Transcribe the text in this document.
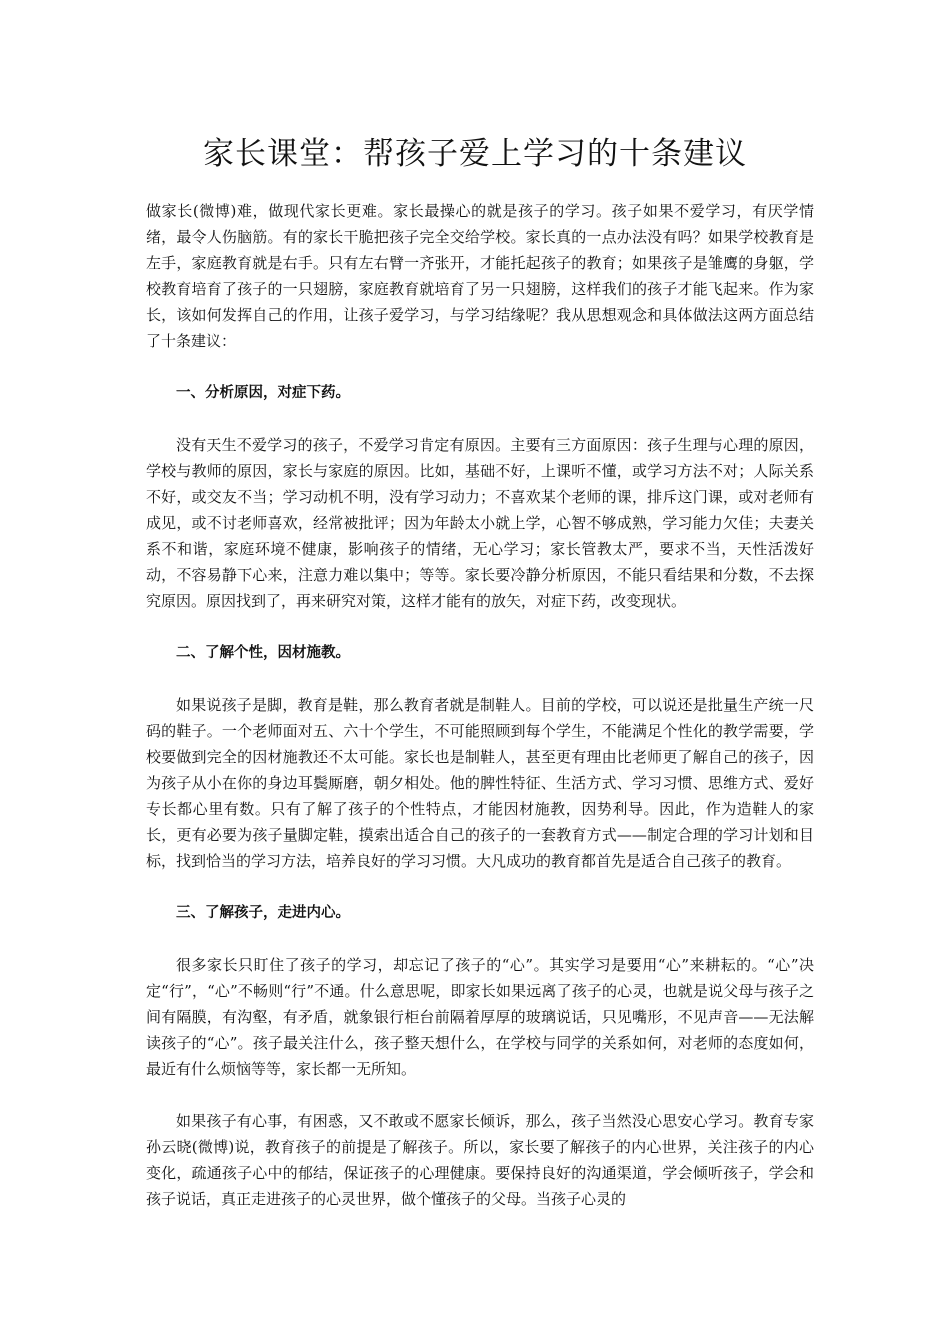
家长课堂：帮孩子爱上学习的十条建议

做家长(微博)难，做现代家长更难。家长最操心的就是孩子的学习。孩子如果不爱学习，有厌学情绪，最令人伤脑筋。有的家长干脆把孩子完全交给学校。家长真的一点办法没有吗？如果学校教育是左手，家庭教育就是右手。只有左右臂一齐张开，才能托起孩子的教育；如果孩子是雏鹰的身躯，学校教育培育了孩子的一只翅膀，家庭教育就培育了另一只翅膀，这样我们的孩子才能飞起来。作为家长，该如何发挥自己的作用，让孩子爱学习，与学习结缘呢？我从思想观念和具体做法这两方面总结了十条建议：

一、分析原因，对症下药。

没有天生不爱学习的孩子，不爱学习肯定有原因。主要有三方面原因：孩子生理与心理的原因，学校与教师的原因，家长与家庭的原因。比如，基础不好，上课听不懂，或学习方法不对；人际关系不好，或交友不当；学习动机不明，没有学习动力；不喜欢某个老师的课，排斥这门课，或对老师有成见，或不讨老师喜欢，经常被批评；因为年龄太小就上学，心智不够成熟，学习能力欠佳；夫妻关系不和谐，家庭环境不健康，影响孩子的情绪，无心学习；家长管教太严，要求不当，天性活泼好动，不容易静下心来，注意力难以集中；等等。家长要冷静分析原因，不能只看结果和分数，不去探究原因。原因找到了，再来研究对策，这样才能有的放矢，对症下药，改变现状。

二、了解个性，因材施教。

如果说孩子是脚，教育是鞋，那么教育者就是制鞋人。目前的学校，可以说还是批量生产统一尺码的鞋子。一个老师面对五、六十个学生，不可能照顾到每个学生，不能满足个性化的教学需要，学校要做到完全的因材施教还不太可能。家长也是制鞋人，甚至更有理由比老师更了解自己的孩子，因为孩子从小在你的身边耳鬓厮磨，朝夕相处。他的脾性特征、生活方式、学习习惯、思维方式、爱好专长都心里有数。只有了解了孩子的个性特点，才能因材施教，因势利导。因此，作为造鞋人的家长，更有必要为孩子量脚定鞋，摸索出适合自己的孩子的一套教育方式——制定合理的学习计划和目标，找到恰当的学习方法，培养良好的学习习惯。大凡成功的教育都首先是适合自己孩子的教育。

三、了解孩子，走进内心。

很多家长只盯住了孩子的学习，却忘记了孩子的“心”。其实学习是要用“心”来耕耘的。“心”决定“行”，“心”不畅则“行”不通。什么意思呢，即家长如果远离了孩子的心灵，也就是说父母与孩子之间有隔膜，有沟壑，有矛盾，就象银行柜台前隔着厚厚的玻璃说话，只见嘴形，不见声音——无法解读孩子的“心”。孩子最关注什么，孩子整天想什么，在学校与同学的关系如何，对老师的态度如何，最近有什么烦恼等等，家长都一无所知。

如果孩子有心事，有困惑，又不敢或不愿家长倾诉，那么，孩子当然没心思安心学习。教育专家孙云晓(微博)说，教育孩子的前提是了解孩子。所以，家长要了解孩子的内心世界，关注孩子的内心变化，疏通孩子心中的郁结，保证孩子的心理健康。要保持良好的沟通渠道，学会倾听孩子，学会和孩子说话，真正走进孩子的心灵世界，做个懂孩子的父母。当孩子心灵的
